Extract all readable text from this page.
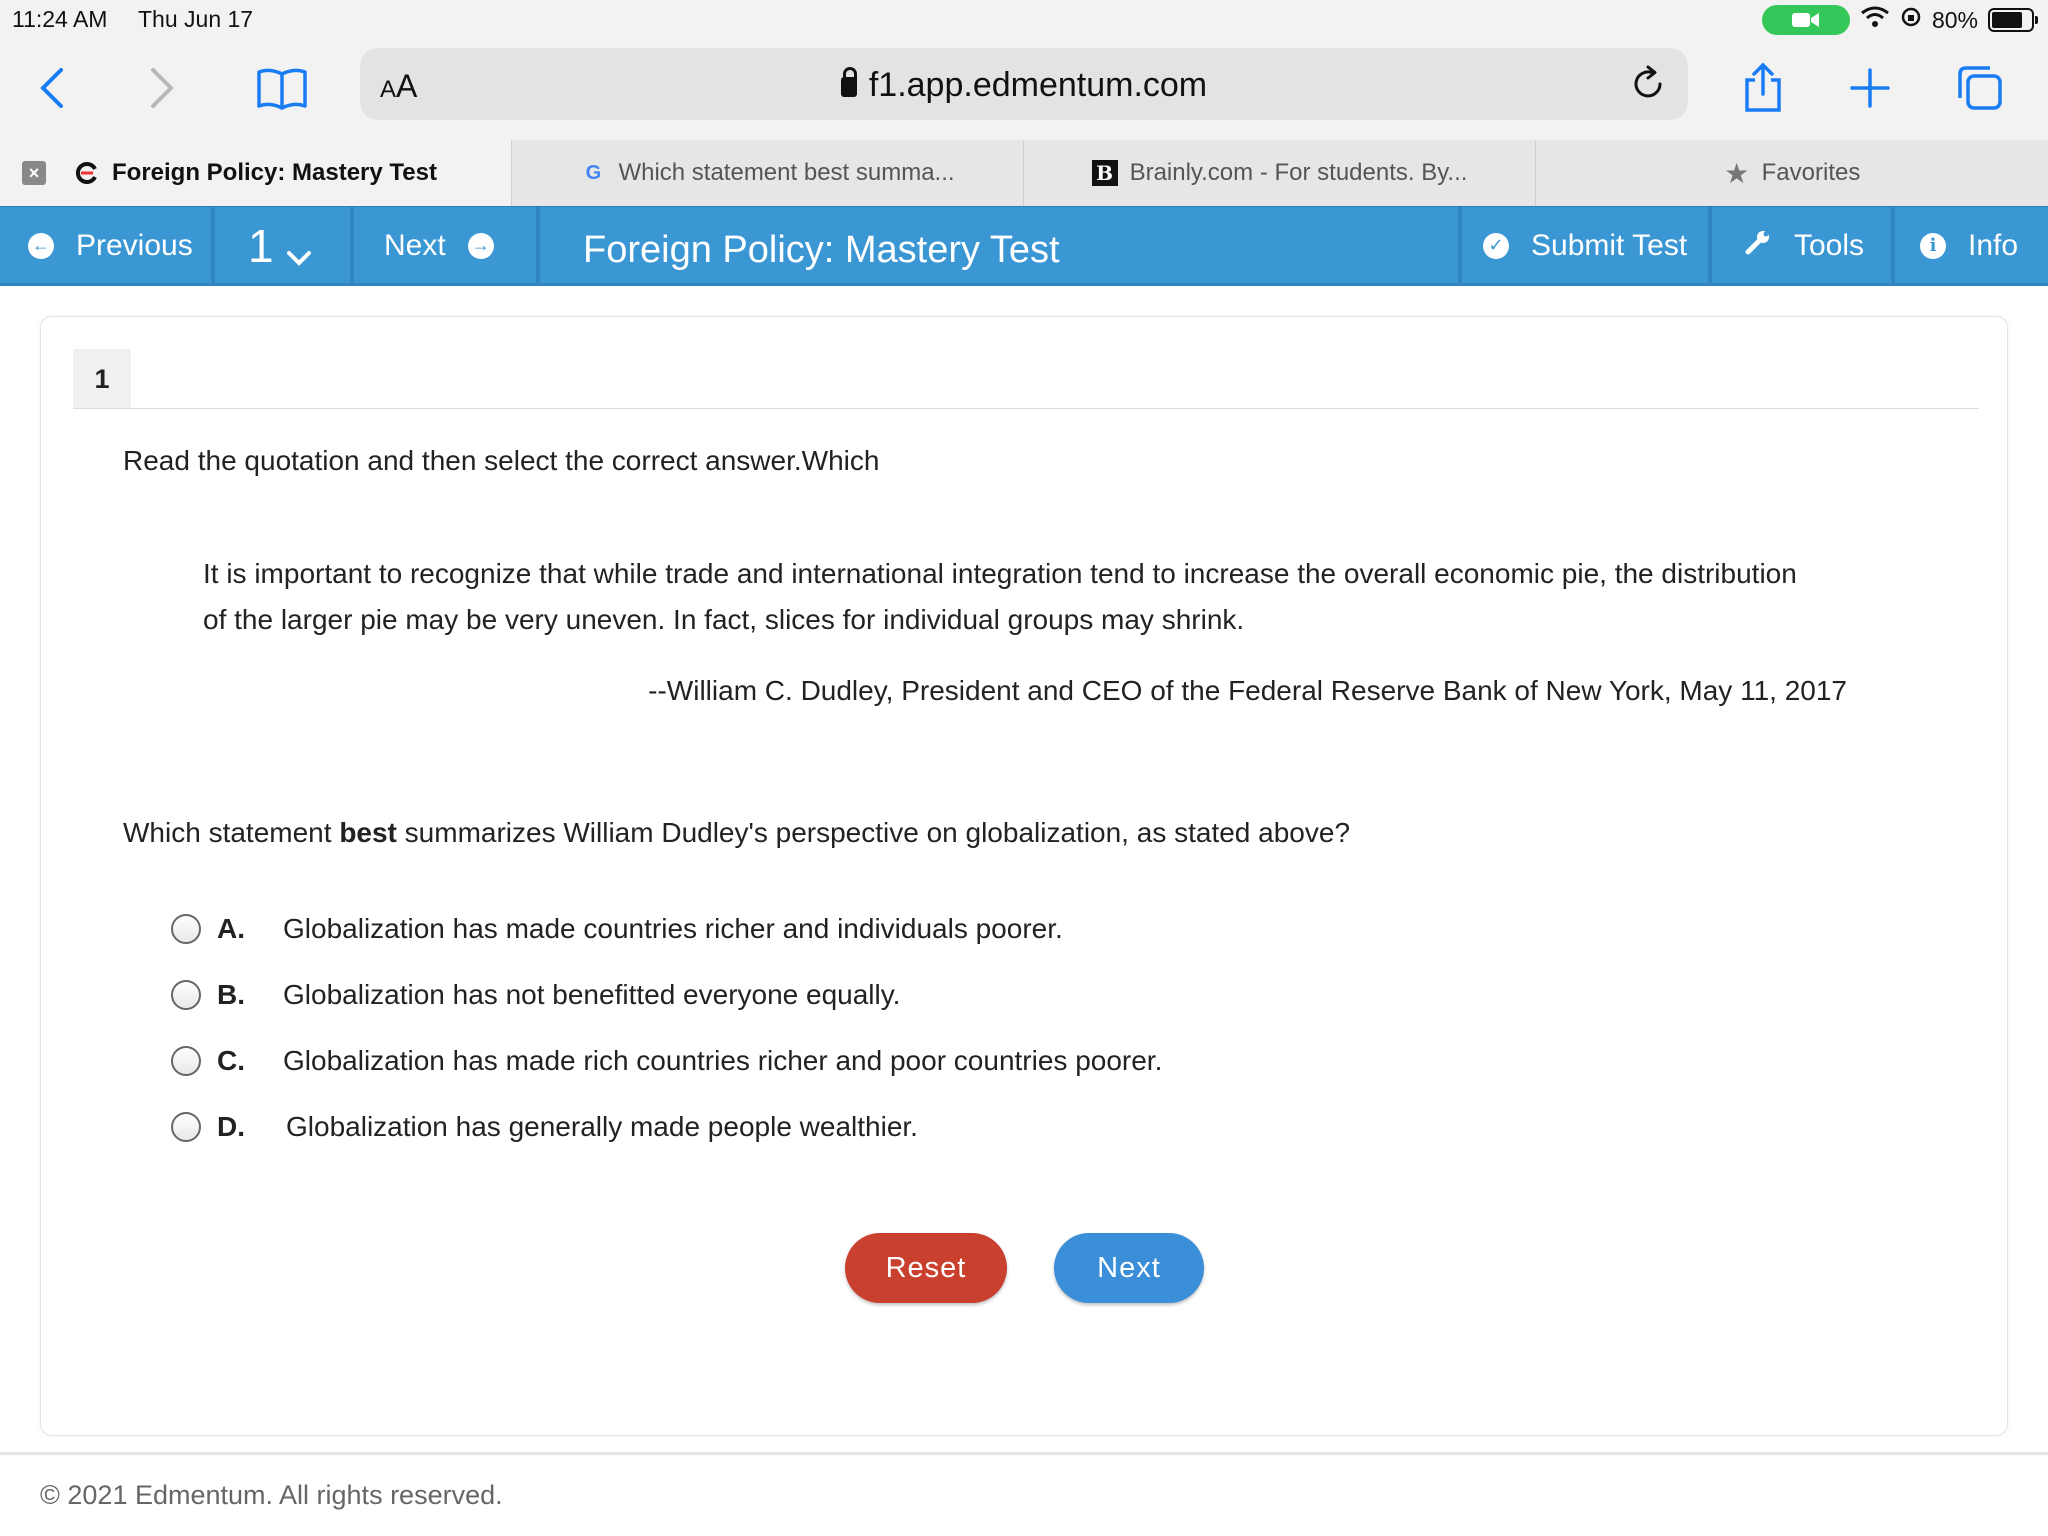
11:24 AM Thu Jun 17	80%
AA	f1.app.edmentum.com
×	Foreign Policy: Mastery Test	G Which statement best summa...	B Brainly.com - For students. By...	★ Favorites
← Previous 1	Next → Foreign Policy: Mastery Test	✓ Submit Test	Tools	i	Info
1
Read the quotation and then select the correct answer.Which
It is important to recognize that while trade and international integration tend to increase the overall economic pie, the distribution of the larger pie may be very uneven. In fact, slices for individual groups may shrink.
--William C. Dudley, President and CEO of the Federal Reserve Bank of New York, May 11, 2017
Which statement best summarizes William Dudley's perspective on globalization, as stated above?
A.	Globalization has made countries richer and individuals poorer.
B.	Globalization has not benefitted everyone equally.
C.	Globalization has made rich countries richer and poor countries poorer.
D.	Globalization has generally made people wealthier.
Reset	Next
© 2021 Edmentum. All rights reserved.
